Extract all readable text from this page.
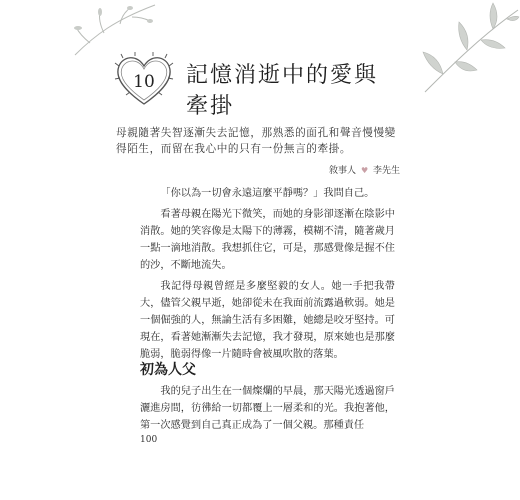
10	記憶消逝中的愛與
牽掛
母親隨著失智逐漸失去記憶，那熟悉的面孔和聲音慢慢變得陌生，而留在我心中的只有一份無言的牽掛。
敘事人 ♥ 李先生

「你以為一切會永遠這麼平靜嗎？」我問自己。

看著母親在陽光下微笑，而她的身影卻逐漸在陰影中消散。她的笑容像是太陽下的薄霧，模糊不清，隨著歲月一點一滴地消散。我想抓住它，可是，那感覺像是握不住的沙，不斷地流失。

我記得母親曾經是多麼堅毅的女人。她一手把我帶大，儘管父親早逝，她卻從未在我面前流露過軟弱。她是一個倔強的人，無論生活有多困難，她總是咬牙堅持。可現在，看著她漸漸失去記憶，我才發現，原來她也是那麼脆弱，脆弱得像一片隨時會被風吹散的落葉。

初為人父

我的兒子出生在一個燦爛的早晨，那天陽光透過窗戶灑進房間，彷彿給一切都覆上一層柔和的光。我抱著他，第一次感覺到自己真正成為了一個父親。那種責任

100
